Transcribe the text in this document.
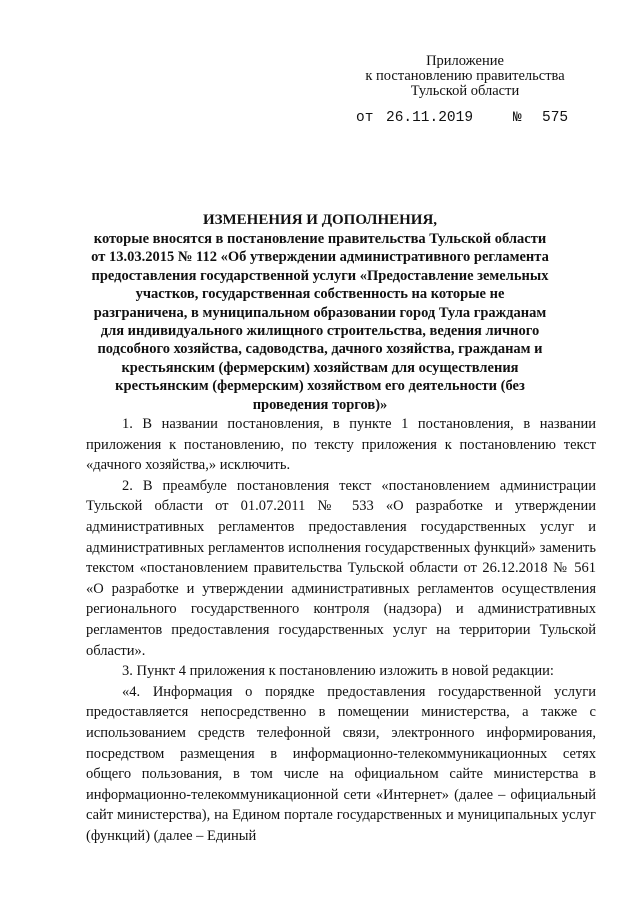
Приложение
к постановлению правительства
Тульской области
от 26.11.2019	№ 575
ИЗМЕНЕНИЯ И ДОПОЛНЕНИЯ,
которые вносятся в постановление правительства Тульской области от 13.03.2015 № 112 «Об утверждении административного регламента предоставления государственной услуги «Предоставление земельных участков, государственная собственность на которые не разграничена, в муниципальном образовании город Тула гражданам для индивидуального жилищного строительства, ведения личного подсобного хозяйства, садоводства, дачного хозяйства, гражданам и крестьянским (фермерским) хозяйствам для осуществления крестьянским (фермерским) хозяйством его деятельности (без проведения торгов)»

1. В названии постановления, в пункте 1 постановления, в названии приложения к постановлению, по тексту приложения к постановлению текст «дачного хозяйства,» исключить.

2. В преамбуле постановления текст «постановлением администрации Тульской области от 01.07.2011 № 533 «О разработке и утверждении административных регламентов предоставления государственных услуг и административных регламентов исполнения государственных функций» заменить текстом «постановлением правительства Тульской области от 26.12.2018 № 561 «О разработке и утверждении административных регламентов осуществления регионального государственного контроля (надзора) и административных регламентов предоставления государственных услуг на территории Тульской области».

3. Пункт 4 приложения к постановлению изложить в новой редакции:

«4. Информация о порядке предоставления государственной услуги предоставляется непосредственно в помещении министерства, а также с использованием средств телефонной связи, электронного информирования, посредством размещения в информационно-телекоммуникационных сетях общего пользования, в том числе на официальном сайте министерства в информационно-телекоммуникационной сети «Интернет» (далее – официальный сайт министерства), на Едином портале государственных и муниципальных услуг (функций) (далее – Единый
